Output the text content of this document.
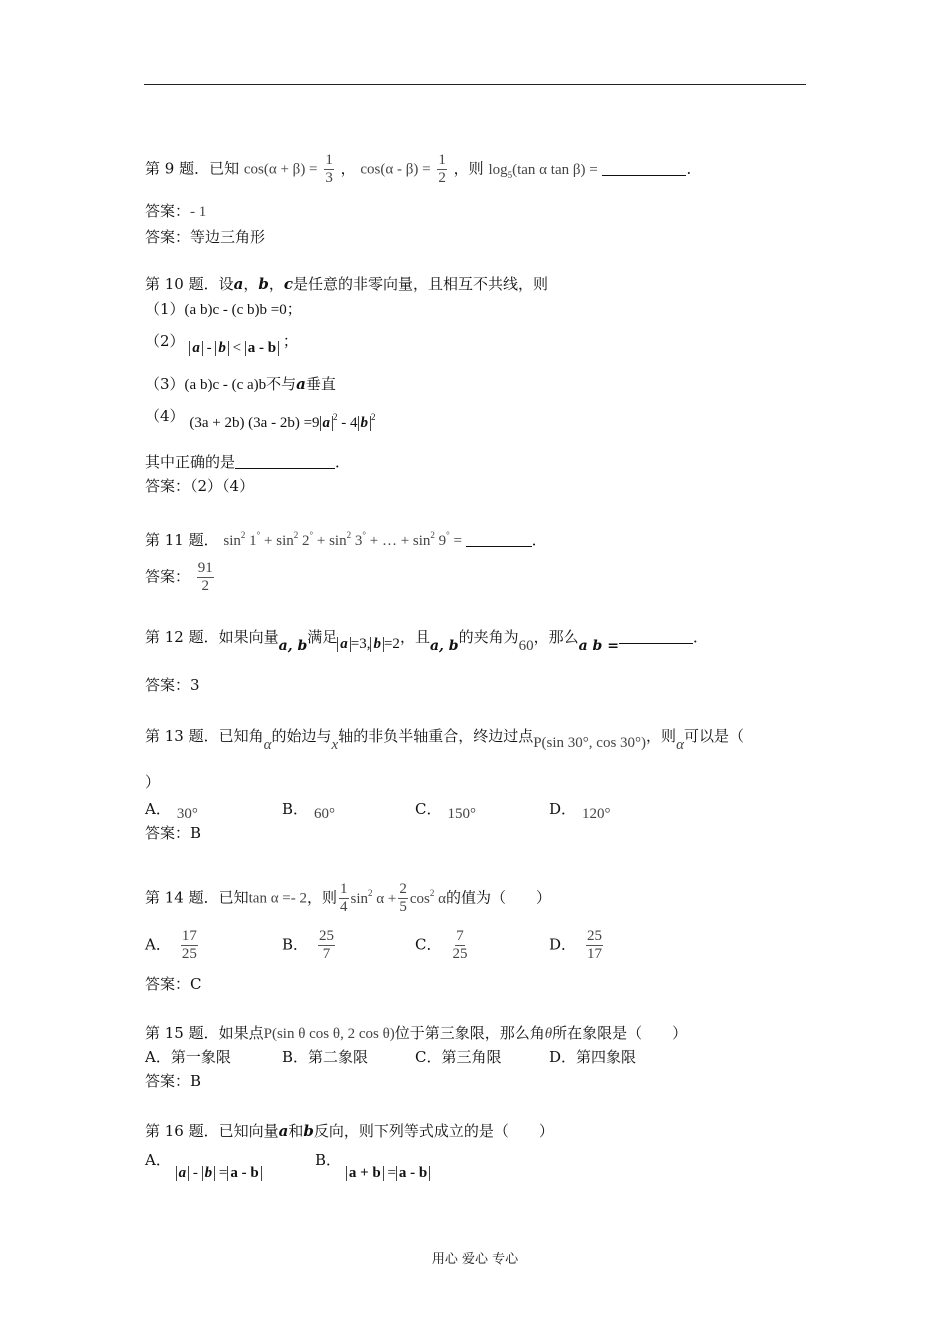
第 9 题．已知 $\cos(\alpha + \beta) = \frac{1}{3}$ ， $\cos(\alpha - \beta) = \frac{1}{2}$ ，则 $\log_5(\tan$ α tan β) =	．
答案：- 1
答案：等边三角形
第 10 题．设a，b，c是任意的非零向量，且相互不共线，则
（1）(a b)c - (c b)b =0；
（2） a - b < a - b ；
（3）(a b)c - (c a)b不与a垂直
（4） (3a + 2b) (3a - 2b) =9 a $^2$ - 4 b $^2$
其中正确的是	．
答案：（2）（4）
第 11 题． $\sin^2 1^\circ + \sin^2 2^\circ + \sin^2 3^\circ$ + … + $\sin^2 9^\circ$ =	．
答案： $\frac{91}{2}$
第 12 题．如果向量a, b满足 a =3, b =2，且a, b的夹角为60，那么a b =	．
答案：3
第 13 题．已知角α的始边与x轴的非负半轴重合，终边过点P(sin 30°, cos 30°)，则α可以是（
）
A． 30°	B． 60°	C． 150°	D． 120°
答案：B
第 14 题．已知tan α =- 2，则 $\frac{1}{4} \sin^2 \alpha + \frac{2}{5} \cos^2 \alpha$的值为（　　）
A． $\frac{17}{25}$	B． $\frac{25}{7}$	C． $\frac{7}{25}$	D． $\frac{25}{17}$
答案：C
第 15 题．如果点P(sin θ cos θ, 2 cos θ)位于第三象限，那么角θ所在象限是（　　）
A．第一象限	B．第二象限	C．第三角限	D．第四象限
答案：B
第 16 题．已知向量a和b反向，则下列等式成立的是（　　）
A． a - b = a - b
B． a + b = a - b
用心 爱心 专心
